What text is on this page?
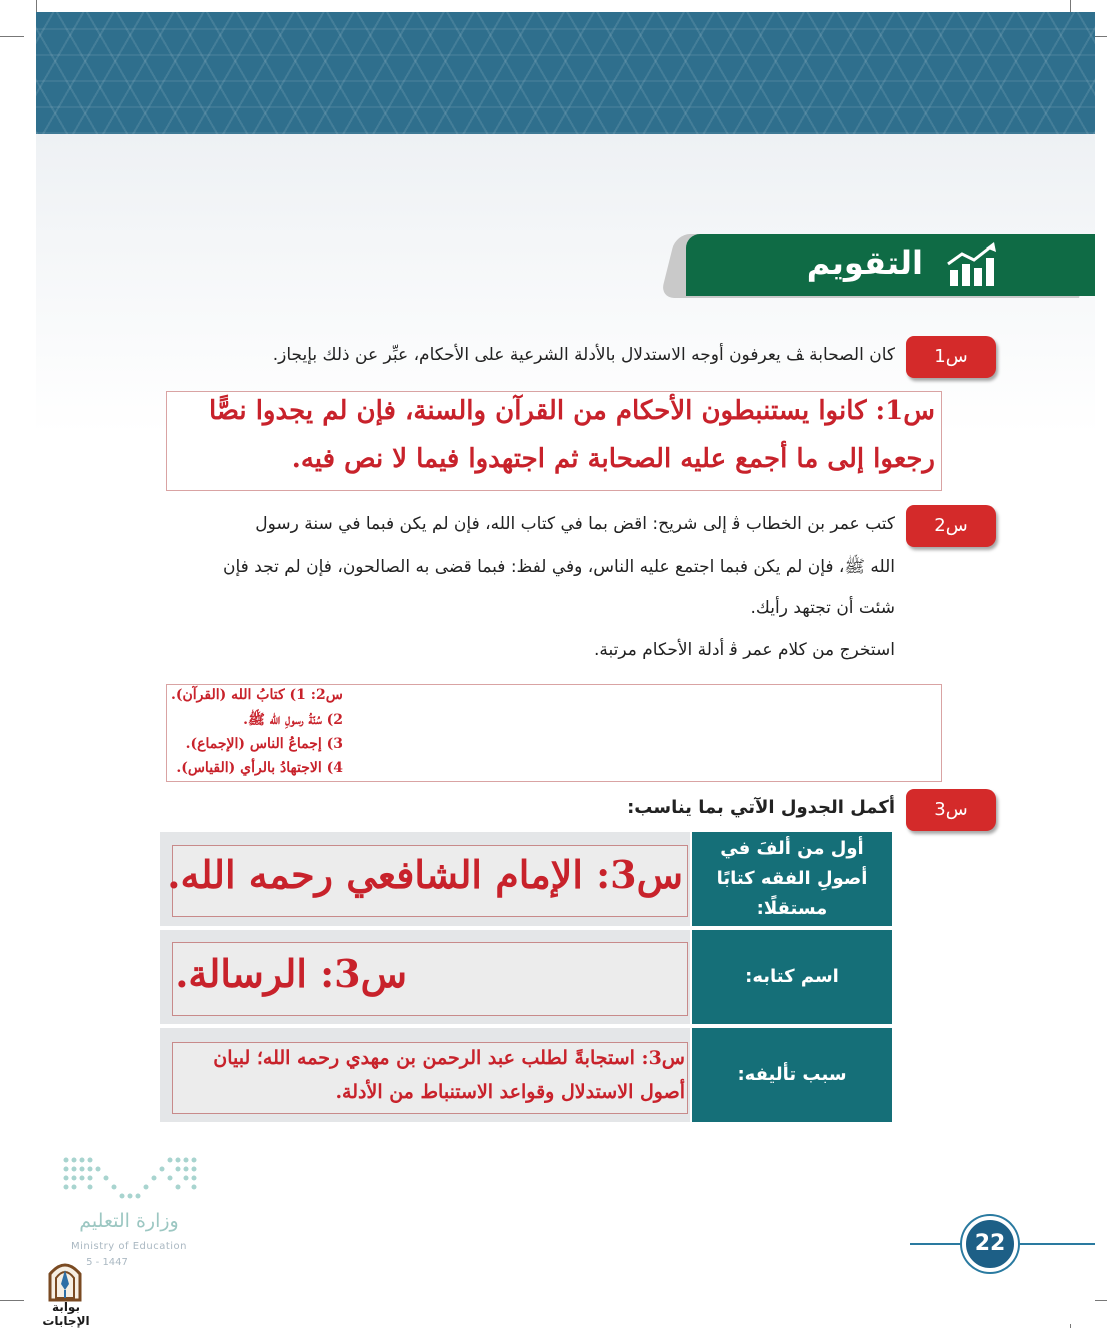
التقويم
س1
كان الصحابة ﭫ يعرفون أوجه الاستدلال بالأدلة الشرعية على الأحكام، عبِّر عن ذلك بإيجاز.
س1: كانوا يستنبطون الأحكام من القرآن والسنة، فإن لم يجدوا نصًّا
رجعوا إلى ما أجمع عليه الصحابة ثم اجتهدوا فيما لا نص فيه.
س2
كتب عمر بن الخطاب ﭬ إلى شريح: اقض بما في كتاب الله، فإن لم يكن فبما في سنة رسول
الله ﷺ، فإن لم يكن فبما اجتمع عليه الناس، وفي لفظ: فبما قضى به الصالحون، فإن لم تجد فإن
شئت أن تجتهد رأيك.
استخرج من كلام عمر ﭬ أدلة الأحكام مرتبة.
س2: 1) كتابُ الله (القرآن).
2) سُنّةُ رسولِ الله ﷺ.
3) إجماعُ الناس (الإجماع).
4) الاجتهادُ بالرأي (القياس).
س3
أكمل الجدول الآتي بما يناسب:
أول من ألفَ في أصولِ الفقه كتابًا مستقلًا:
س3: الإمام الشافعي رحمه الله.
اسم كتابه:
س3: الرسالة.
سبب تأليفه:
س3: استجابةً لطلب عبد الرحمن بن مهدي رحمه الله؛ لبيان
أصول الاستدلال وقواعد الاستنباط من الأدلة.
وزارة التعليم
Ministry of Education
5 - 1447
بوابة الإجابات
22
